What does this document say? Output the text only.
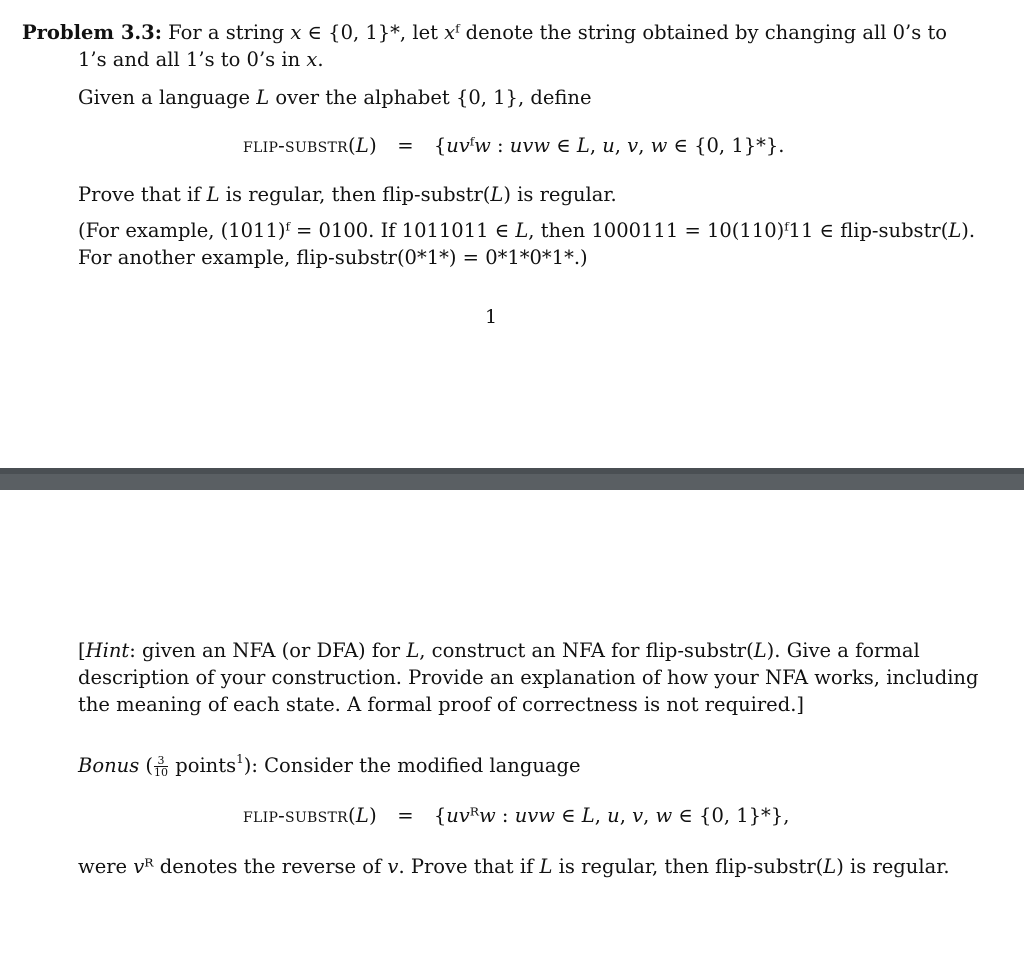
Problem 3.3: For a string 𝑥 ∈ {0, 1}*, let 𝑥ᶠ denote the string obtained by changing all 0’s to
1’s and all 1’s to 0’s in 𝑥.
Given a language 𝐿 over the alphabet {0, 1}, define
flip-substr(𝐿) = {𝑢𝑣ᶠ𝑤 : 𝑢𝑣𝑤 ∈ 𝐿, 𝑢, 𝑣, 𝑤 ∈ {0, 1}*}.
Prove that if 𝐿 is regular, then flip-substr(𝐿) is regular.
(For example, (1011)ᶠ = 0100. If 1011011 ∈ 𝐿, then 1000111 = 10(110)ᶠ11 ∈ flip-substr(𝐿).
For another example, flip-substr(0*1*) = 0*1*0*1*.)
1
[Hint: given an NFA (or DFA) for 𝐿, construct an NFA for flip-substr(𝐿). Give a formal
description of your construction. Provide an explanation of how your NFA works, including
the meaning of each state. A formal proof of correctness is not required.]
Bonus ( $\frac{3}{10}$ points$^1$): Consider the modified language
flip-substr(𝐿) = {𝑢𝑣ᴿ𝑤 : 𝑢𝑣𝑤 ∈ 𝐿, 𝑢, 𝑣, 𝑤 ∈ {0, 1}*},
were 𝑣ᴿ denotes the reverse of 𝑣. Prove that if 𝐿 is regular, then flip-substr(𝐿) is regular.
